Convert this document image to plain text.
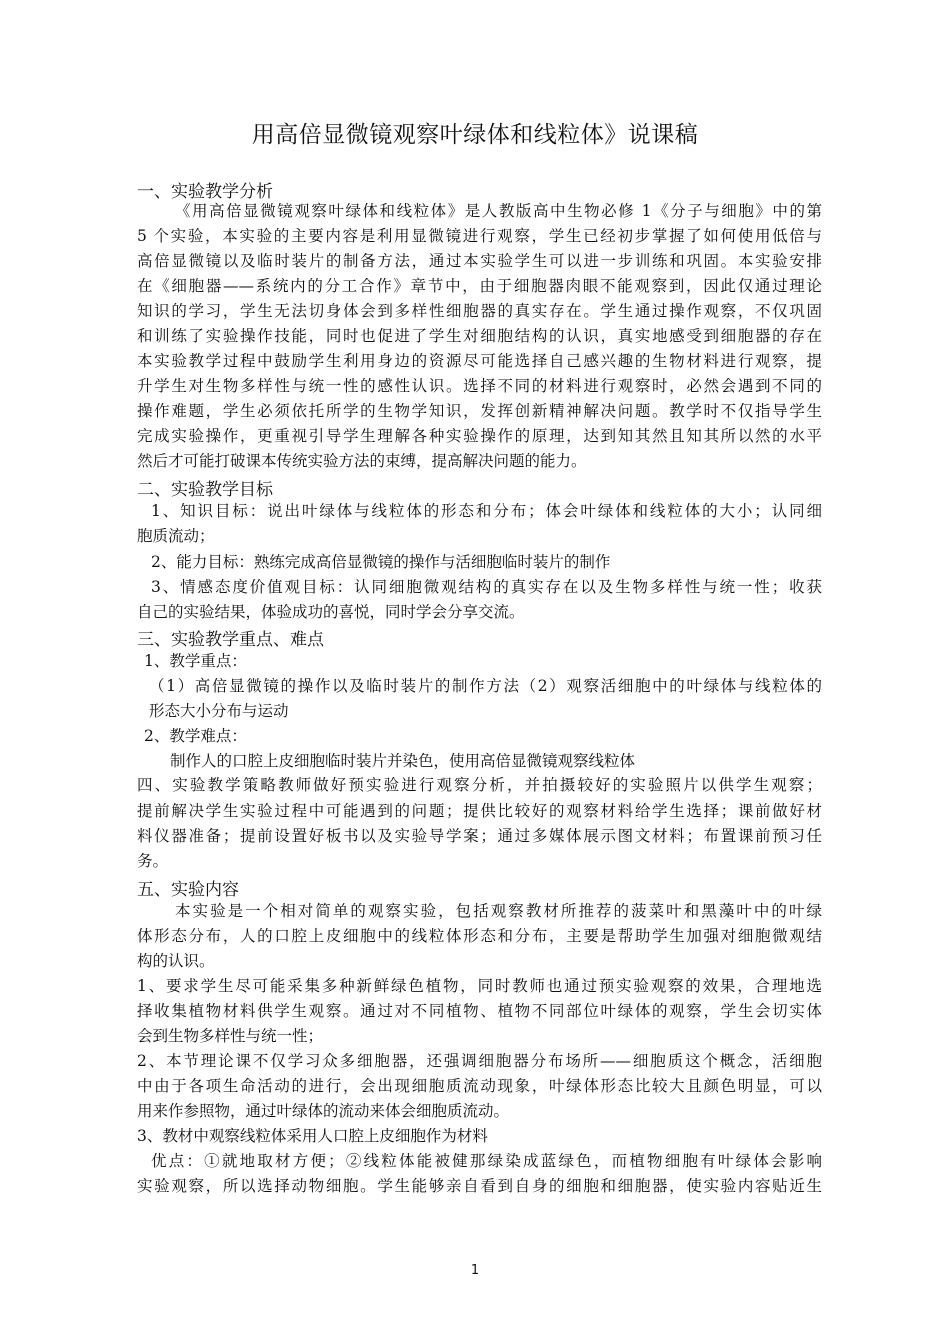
用高倍显微镜观察叶绿体和线粒体》说课稿
一、实验教学分析
《用高倍显微镜观察叶绿体和线粒体》是人教版高中生物必修 1《分子与细胞》中的第
5 个实验，本实验的主要内容是利用显微镜进行观察，学生已经初步掌握了如何使用低倍与
高倍显微镜以及临时装片的制备方法，通过本实验学生可以进一步训练和巩固。本实验安排
在《细胞器——系统内的分工合作》章节中，由于细胞器肉眼不能观察到，因此仅通过理论
知识的学习，学生无法切身体会到多样性细胞器的真实存在。学生通过操作观察，不仅巩固
和训练了实验操作技能，同时也促进了学生对细胞结构的认识，真实地感受到细胞器的存在
本实验教学过程中鼓励学生利用身边的资源尽可能选择自己感兴趣的生物材料进行观察，提
升学生对生物多样性与统一性的感性认识。选择不同的材料进行观察时，必然会遇到不同的
操作难题，学生必须依托所学的生物学知识，发挥创新精神解决问题。教学时不仅指导学生
完成实验操作，更重视引导学生理解各种实验操作的原理，达到知其然且知其所以然的水平
然后才可能打破课本传统实验方法的束缚，提高解决问题的能力。
二、实验教学目标
1、知识目标：说出叶绿体与线粒体的形态和分布；体会叶绿体和线粒体的大小；认同细
胞质流动；
2、能力目标：熟练完成高倍显微镜的操作与活细胞临时装片的制作
3、情感态度价值观目标：认同细胞微观结构的真实存在以及生物多样性与统一性；收获
自己的实验结果，体验成功的喜悦，同时学会分享交流。
三、实验教学重点、难点
1、教学重点：
（1）高倍显微镜的操作以及临时装片的制作方法（2）观察活细胞中的叶绿体与线粒体的
形态大小分布与运动
2、教学难点：
制作人的口腔上皮细胞临时装片并染色，使用高倍显微镜观察线粒体
四、实验教学策略教师做好预实验进行观察分析，并拍摄较好的实验照片以供学生观察；
提前解决学生实验过程中可能遇到的问题；提供比较好的观察材料给学生选择；课前做好材
料仪器准备；提前设置好板书以及实验导学案；通过多媒体展示图文材料；布置课前预习任
务。
五、实验内容
本实验是一个相对简单的观察实验，包括观察教材所推荐的菠菜叶和黑藻叶中的叶绿
体形态分布，人的口腔上皮细胞中的线粒体形态和分布，主要是帮助学生加强对细胞微观结
构的认识。
1、要求学生尽可能采集多种新鲜绿色植物，同时教师也通过预实验观察的效果，合理地选
择收集植物材料供学生观察。通过对不同植物、植物不同部位叶绿体的观察，学生会切实体
会到生物多样性与统一性；
2、本节理论课不仅学习众多细胞器，还强调细胞器分布场所——细胞质这个概念，活细胞
中由于各项生命活动的进行，会出现细胞质流动现象，叶绿体形态比较大且颜色明显，可以
用来作参照物，通过叶绿体的流动来体会细胞质流动。
3、教材中观察线粒体采用人口腔上皮细胞作为材料
优点：①就地取材方便；②线粒体能被健那绿染成蓝绿色，而植物细胞有叶绿体会影响
实验观察，所以选择动物细胞。学生能够亲自看到自身的细胞和细胞器，使实验内容贴近生
1
